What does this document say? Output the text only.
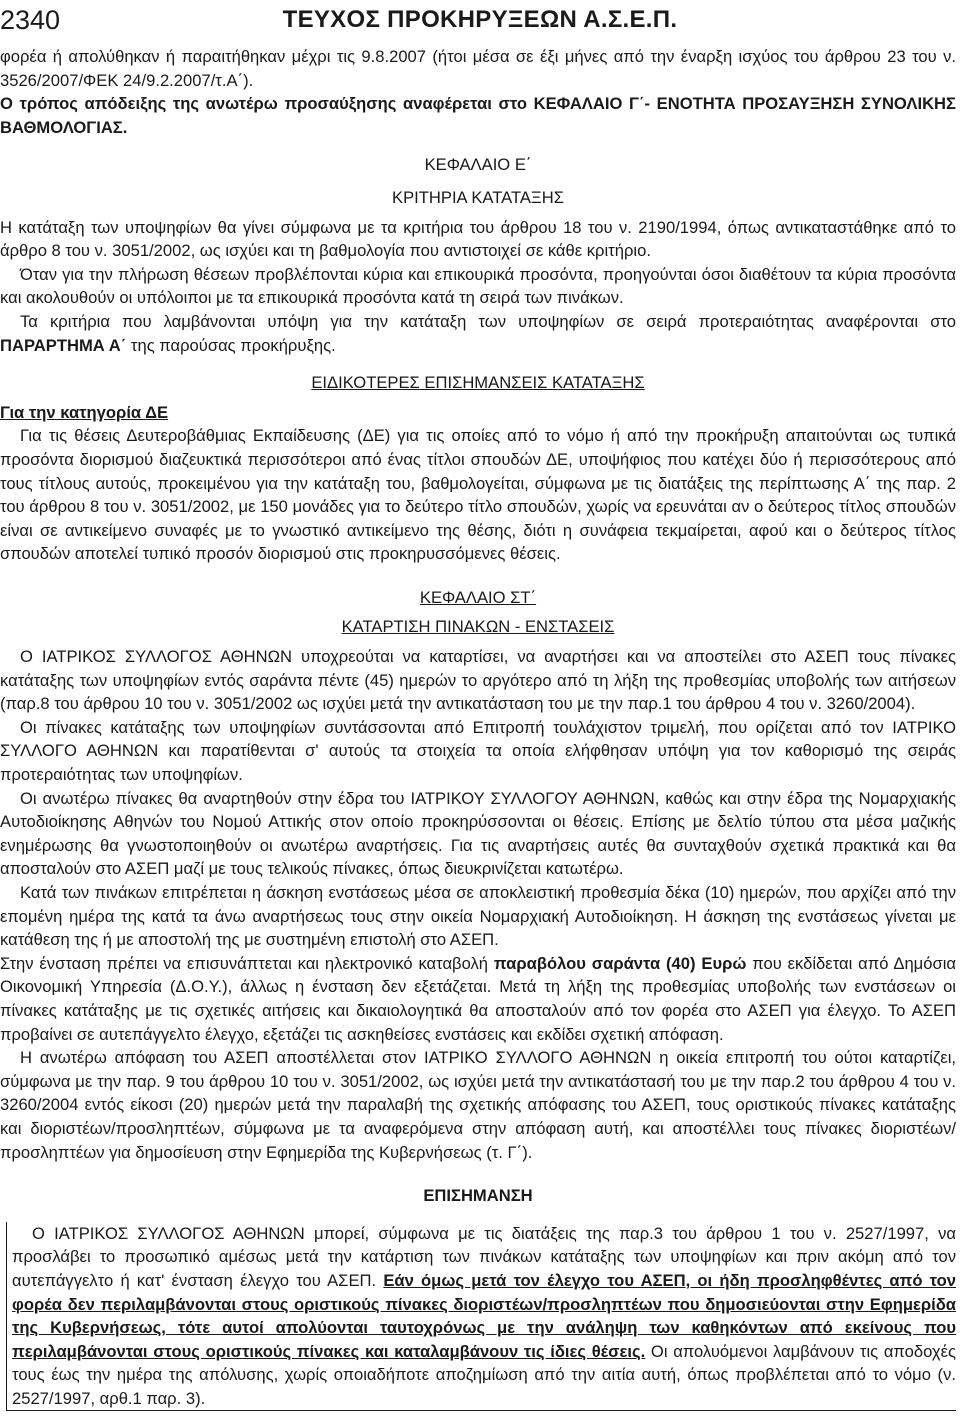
2340	ΤΕΥΧΟΣ ΠΡΟΚΗΡΥΞΕΩΝ Α.Σ.Ε.Π.

φορέα ή απολύθηκαν ή παραιτήθηκαν μέχρι τις 9.8.2007 (ήτοι μέσα σε έξι μήνες από την έναρξη ισχύος του άρθρου 23 του ν. 3526/2007/ΦΕΚ 24/9.2.2007/τ.Α΄).

Ο τρόπος απόδειξης της ανωτέρω προσαύξησης αναφέρεται στο ΚΕΦΑΛΑΙΟ Γ΄- ΕΝΟΤΗΤΑ ΠΡΟΣΑΥΞΗΣΗ ΣΥΝΟΛΙΚΗΣ ΒΑΘΜΟΛΟΓΙΑΣ.

ΚΕΦΑΛΑΙΟ Ε΄

ΚΡΙΤΗΡΙΑ ΚΑΤΑΤΑΞΗΣ

Η κατάταξη των υποψηφίων θα γίνει σύμφωνα με τα κριτήρια του άρθρου 18 του ν. 2190/1994, όπως αντικαταστάθηκε από το άρθρο 8 του ν. 3051/2002, ως ισχύει και τη βαθμολογία που αντιστοιχεί σε κάθε κριτήριο.

Όταν για την πλήρωση θέσεων προβλέπονται κύρια και επικουρικά προσόντα, προηγούνται όσοι διαθέτουν τα κύρια προσόντα και ακολουθούν οι υπόλοιποι με τα επικουρικά προσόντα κατά τη σειρά των πινάκων.

Τα κριτήρια που λαμβάνονται υπόψη για την κατάταξη των υποψηφίων σε σειρά προτεραιότητας αναφέρονται στο ΠΑΡΑΡΤΗΜΑ Α΄ της παρούσας προκήρυξης.

ΕΙΔΙΚΟΤΕΡΕΣ ΕΠΙΣΗΜΑΝΣΕΙΣ ΚΑΤΑΤΑΞΗΣ

Για την κατηγορία ΔΕ

Για τις θέσεις Δευτεροβάθμιας Εκπαίδευσης (ΔΕ) για τις οποίες από το νόμο ή από την προκήρυξη απαιτούνται ως τυπικά προσόντα διορισμού διαζευκτικά περισσότεροι από ένας τίτλοι σπουδών ΔΕ, υποψήφιος που κατέχει δύο ή περισσότερους από τους τίτλους αυτούς, προκειμένου για την κατάταξη του, βαθμολογείται, σύμφωνα με τις διατάξεις της περίπτωσης Α΄ της παρ. 2 του άρθρου 8 του ν. 3051/2002, με 150 μονάδες για το δεύτερο τίτλο σπουδών, χωρίς να ερευνάται αν ο δεύτερος τίτλος σπουδών είναι σε αντικείμενο συναφές με το γνωστικό αντικείμενο της θέσης, διότι η συνάφεια τεκμαίρεται, αφού και ο δεύτερος τίτλος σπουδών αποτελεί τυπικό προσόν διορισμού στις προκηρυσσόμενες θέσεις.

ΚΕΦΑΛΑΙΟ ΣΤ΄

ΚΑΤΑΡΤΙΣΗ ΠΙΝΑΚΩΝ - ΕΝΣΤΑΣΕΙΣ

Ο ΙΑΤΡΙΚΟΣ ΣΥΛΛΟΓΟΣ ΑΘΗΝΩΝ υποχρεούται να καταρτίσει, να αναρτήσει και να αποστείλει στο ΑΣΕΠ τους πίνακες κατάταξης των υποψηφίων εντός σαράντα πέντε (45) ημερών το αργότερο από τη λήξη της προθεσμίας υποβολής των αιτήσεων (παρ.8 του άρθρου 10 του ν. 3051/2002 ως ισχύει μετά την αντικατάσταση του με την παρ.1 του άρθρου 4 του ν. 3260/2004).

Οι πίνακες κατάταξης των υποψηφίων συντάσσονται από Επιτροπή τουλάχιστον τριμελή, που ορίζεται από τον ΙΑΤΡΙΚΟ ΣΥΛΛΟΓΟ ΑΘΗΝΩΝ και παρατίθενται σ' αυτούς τα στοιχεία τα οποία ελήφθησαν υπόψη για τον καθορισμό της σειράς προτεραιότητας των υποψηφίων.

Οι ανωτέρω πίνακες θα αναρτηθούν στην έδρα του ΙΑΤΡΙΚΟΥ ΣΥΛΛΟΓΟΥ ΑΘΗΝΩΝ, καθώς και στην έδρα της Νομαρχιακής Αυτοδιοίκησης Αθηνών του Νομού Αττικής στον οποίο προκηρύσσονται οι θέσεις. Επίσης με δελτίο τύπου στα μέσα μαζικής ενημέρωσης θα γνωστοποιηθούν οι ανωτέρω αναρτήσεις. Για τις αναρτήσεις αυτές θα συνταχθούν σχετικά πρακτικά και θα αποσταλούν στο ΑΣΕΠ μαζί με τους τελικούς πίνακες, όπως διευκρινίζεται κατωτέρω.

Κατά των πινάκων επιτρέπεται η άσκηση ενστάσεως μέσα σε αποκλειστική προθεσμία δέκα (10) ημερών, που αρχίζει από την επομένη ημέρα της κατά τα άνω αναρτήσεως τους στην οικεία Νομαρχιακή Αυτοδιοίκηση. Η άσκηση της ενστάσεως γίνεται με κατάθεση της ή με αποστολή της με συστημένη επιστολή στο ΑΣΕΠ.

Στην ένσταση πρέπει να επισυνάπτεται και ηλεκτρονικό καταβολή παραβόλου σαράντα (40) Ευρώ που εκδίδεται από Δημόσια Οικονομική Υπηρεσία (Δ.Ο.Υ.), άλλως η ένσταση δεν εξετάζεται. Μετά τη λήξη της προθεσμίας υποβολής των ενστάσεων οι πίνακες κατάταξης με τις σχετικές αιτήσεις και δικαιολογητικά θα αποσταλούν από τον φορέα στο ΑΣΕΠ για έλεγχο. Το ΑΣΕΠ προβαίνει σε αυτεπάγγελτο έλεγχο, εξετάζει τις ασκηθείσες ενστάσεις και εκδίδει σχετική απόφαση.

Η ανωτέρω απόφαση του ΑΣΕΠ αποστέλλεται στον ΙΑΤΡΙΚΟ ΣΥΛΛΟΓΟ ΑΘΗΝΩΝ η οικεία επιτροπή του ούτοι καταρτίζει, σύμφωνα με την παρ. 9 του άρθρου 10 του ν. 3051/2002, ως ισχύει μετά την αντικατάστασή του με την παρ.2 του άρθρου 4 του ν. 3260/2004 εντός είκοσι (20) ημερών μετά την παραλαβή της σχετικής απόφασης του ΑΣΕΠ, τους οριστικούς πίνακες κατάταξης και διοριστέων/προσληπτέων, σύμφωνα με τα αναφερόμενα στην απόφαση αυτή, και αποστέλλει τους πίνακες διοριστέων/προσληπτέων για δημοσίευση στην Εφημερίδα της Κυβερνήσεως (τ. Γ΄).

ΕΠΙΣΗΜΑΝΣΗ

Ο ΙΑΤΡΙΚΟΣ ΣΥΛΛΟΓΟΣ ΑΘΗΝΩΝ μπορεί, σύμφωνα με τις διατάξεις της παρ.3 του άρθρου 1 του ν. 2527/1997, να προσλάβει το προσωπικό αμέσως μετά την κατάρτιση των πινάκων κατάταξης των υποψηφίων και πριν ακόμη από τον αυτεπάγγελτο ή κατ' ένσταση έλεγχο του ΑΣΕΠ. Εάν όμως μετά τον έλεγχο του ΑΣΕΠ, οι ήδη προσληφθέντες από τον φορέα δεν περιλαμβάνονται στους οριστικούς πίνακες διοριστέων/προσληπτέων που δημοσιεύονται στην Εφημερίδα της Κυβερνήσεως, τότε αυτοί απολύονται ταυτοχρόνως με την ανάληψη των καθηκόντων από εκείνους που περιλαμβάνονται στους οριστικούς πίνακες και καταλαμβάνουν τις ίδιες θέσεις. Οι απολυόμενοι λαμβάνουν τις αποδοχές τους έως την ημέρα της απόλυσης, χωρίς οποιαδήποτε αποζημίωση από την αιτία αυτή, όπως προβλέπεται από το νόμο (ν. 2527/1997, αρθ.1 παρ. 3).
